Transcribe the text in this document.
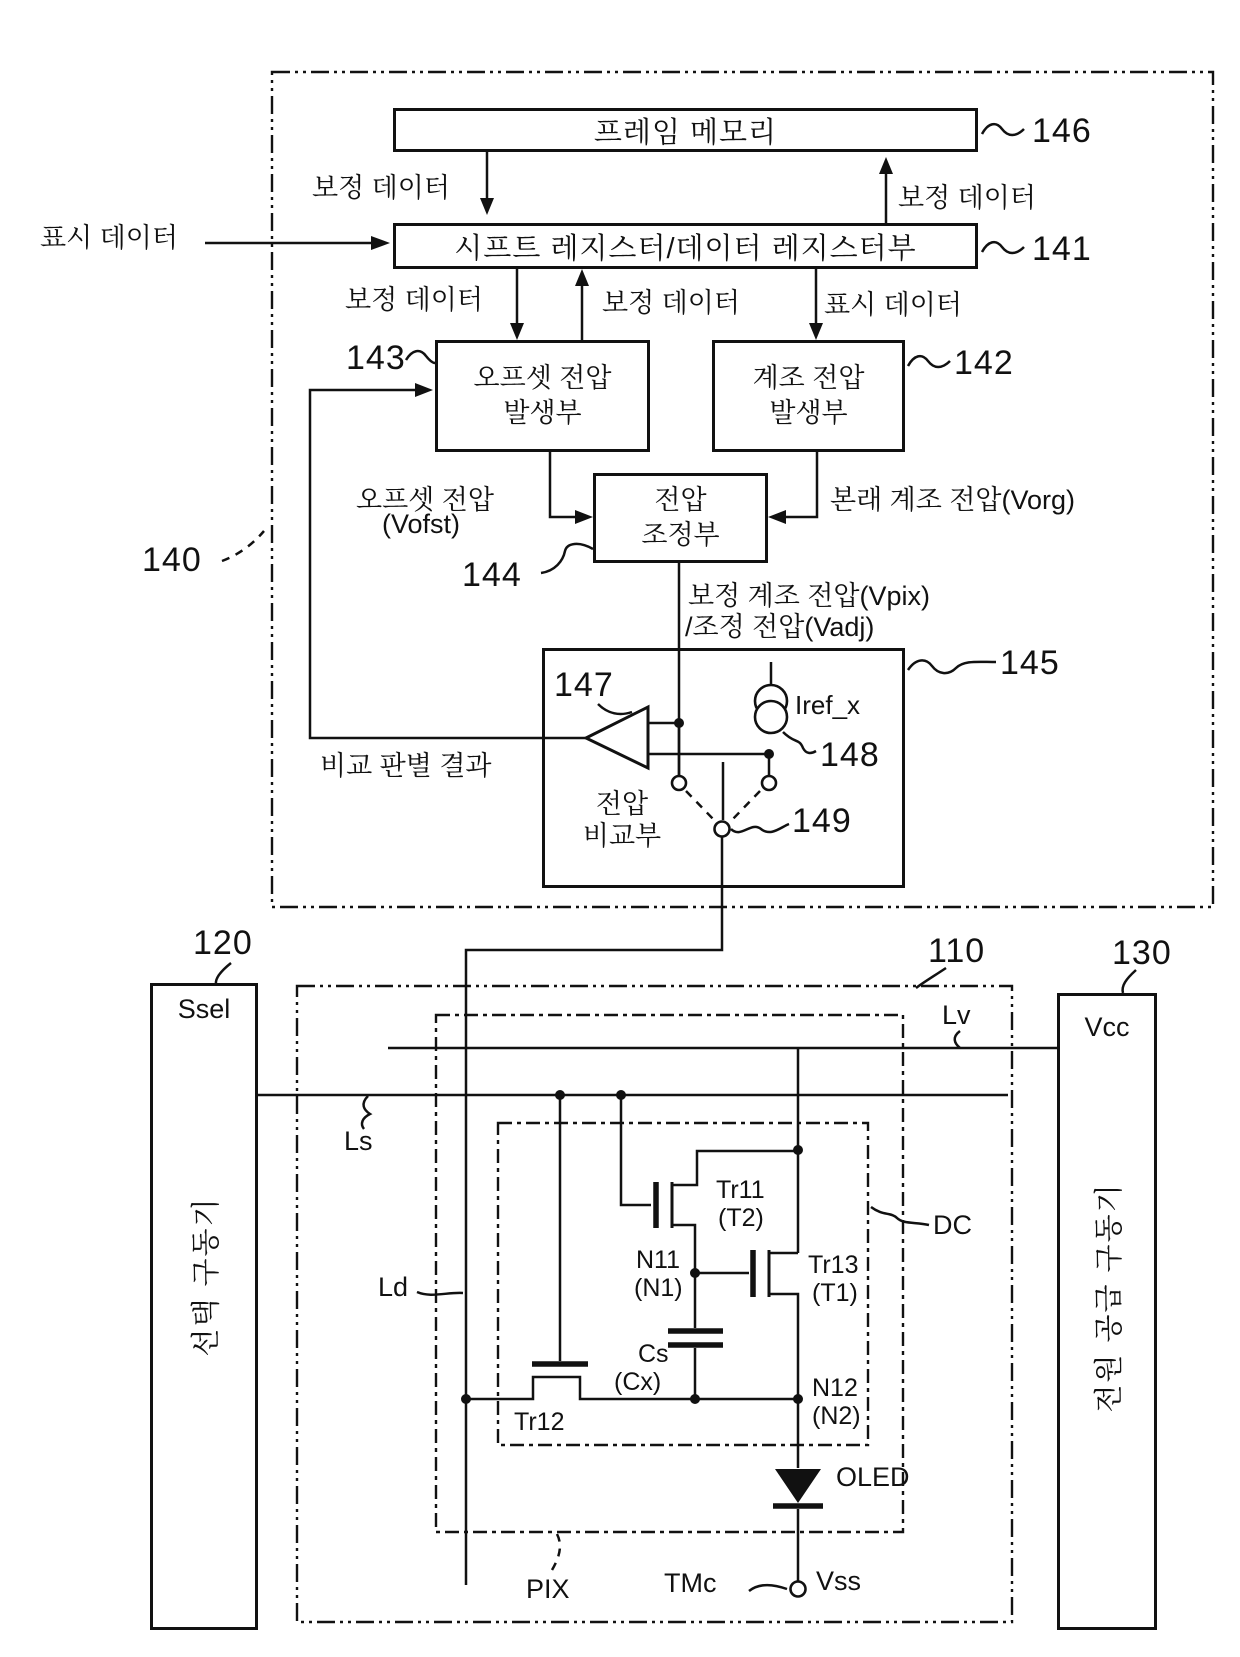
프레임 메모리
시프트 레지스터/데이터 레지스터부
오프셋 전압
발생부
계조 전압
발생부
전압
조정부
전압
비교부
Ssel
선택 구동기
Vcc
전원 공급 구동기
140
146
141
143	142
144
145
147
148
149
120	110	130
표시 데이터
보정 데이터	보정 데이터
보정 데이터	보정 데이터	표시 데이터
오프셋 전압
(Vofst)
본래 계조 전압(Vorg)
보정 계조 전압(Vpix)
/조정 전압(Vadj)
비교 판별 결과
Iref_x
Lv
Ls
Ld
DC
PIX
Tr11
(T2)
N11
(N1)
Tr13
(T1)
Cs
(Cx)
Tr12
N12
(N2)
OLED
TMc	Vss
